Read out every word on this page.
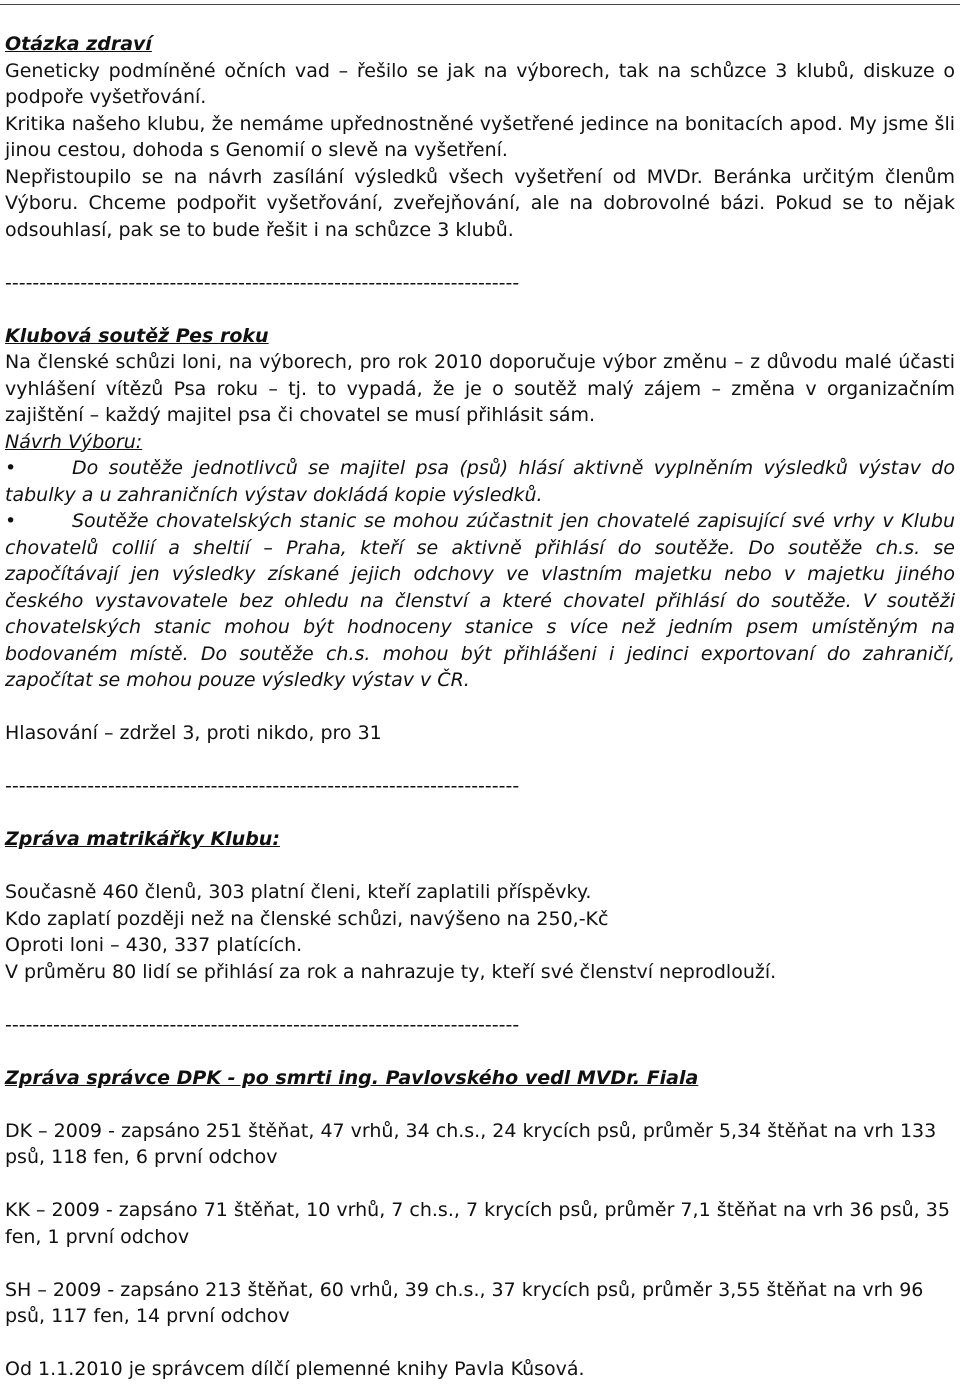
Otázka zdraví

Geneticky podmíněné očních vad – řešilo se jak na výborech, tak na schůzce 3 klubů, diskuze o podpoře vyšetřování.

Kritika našeho klubu, že nemáme upřednostněné vyšetřené jedince na bonitacích apod. My jsme šli jinou cestou, dohoda s Genomií o slevě na vyšetření.

Nepřistoupilo se na návrh zasílání výsledků všech vyšetření od MVDr. Beránka určitým členům Výboru. Chceme podpořit vyšetřování, zveřejňování, ale na dobrovolné bázi. Pokud se to nějak odsouhlasí, pak se to bude řešit i na schůzce 3 klubů.

---------------------------------------------------------------------------

Klubová soutěž Pes roku

Na členské schůzi loni, na výborech, pro rok 2010 doporučuje výbor změnu – z důvodu malé účasti vyhlášení vítězů Psa roku – tj. to vypadá, že je o soutěž malý zájem – změna v organizačním zajištění – každý majitel psa či chovatel se musí přihlásit sám.

Návrh Výboru:

•	Do soutěže jednotlivců se majitel psa (psů) hlásí aktivně vyplněním výsledků výstav do tabulky a u zahraničních výstav dokládá kopie výsledků.

•	Soutěže chovatelských stanic se mohou zúčastnit jen chovatelé zapisující své vrhy v Klubu chovatelů collií a sheltií – Praha, kteří se aktivně přihlásí do soutěže. Do soutěže ch.s. se započítávají jen výsledky získané jejich odchovy ve vlastním majetku nebo v majetku jiného českého vystavovatele bez ohledu na členství a které chovatel přihlásí do soutěže. V soutěži chovatelských stanic mohou být hodnoceny stanice s více než jedním psem umístěným na bodovaném místě. Do soutěže ch.s. mohou být přihlášeni i jedinci exportovaní do zahraničí, započítat se mohou pouze výsledky výstav v ČR.

Hlasování – zdržel 3, proti nikdo, pro 31

---------------------------------------------------------------------------

Zpráva matrikářky Klubu:

Současně 460 členů, 303 platní členi, kteří zaplatili příspěvky.

Kdo zaplatí později než na členské schůzi, navýšeno na 250,-Kč

Oproti loni – 430, 337 platících.

V průměru 80 lidí se přihlásí za rok a nahrazuje ty, kteří své členství neprodlouží.

---------------------------------------------------------------------------

Zpráva správce DPK - po smrti ing. Pavlovského vedl MVDr. Fiala

DK – 2009 - zapsáno 251 štěňat, 47 vrhů, 34 ch.s., 24 krycích psů, průměr 5,34 štěňat na vrh 133 psů, 118 fen, 6 první odchov

KK – 2009 - zapsáno 71 štěňat, 10 vrhů, 7 ch.s., 7 krycích psů, průměr 7,1 štěňat na vrh 36 psů, 35 fen, 1 první odchov

SH – 2009 - zapsáno 213 štěňat, 60 vrhů, 39 ch.s., 37 krycích psů, průměr 3,55 štěňat na vrh 96 psů, 117 fen, 14 první odchov

Od 1.1.2010 je správcem dílčí plemenné knihy Pavla Kůsová.
